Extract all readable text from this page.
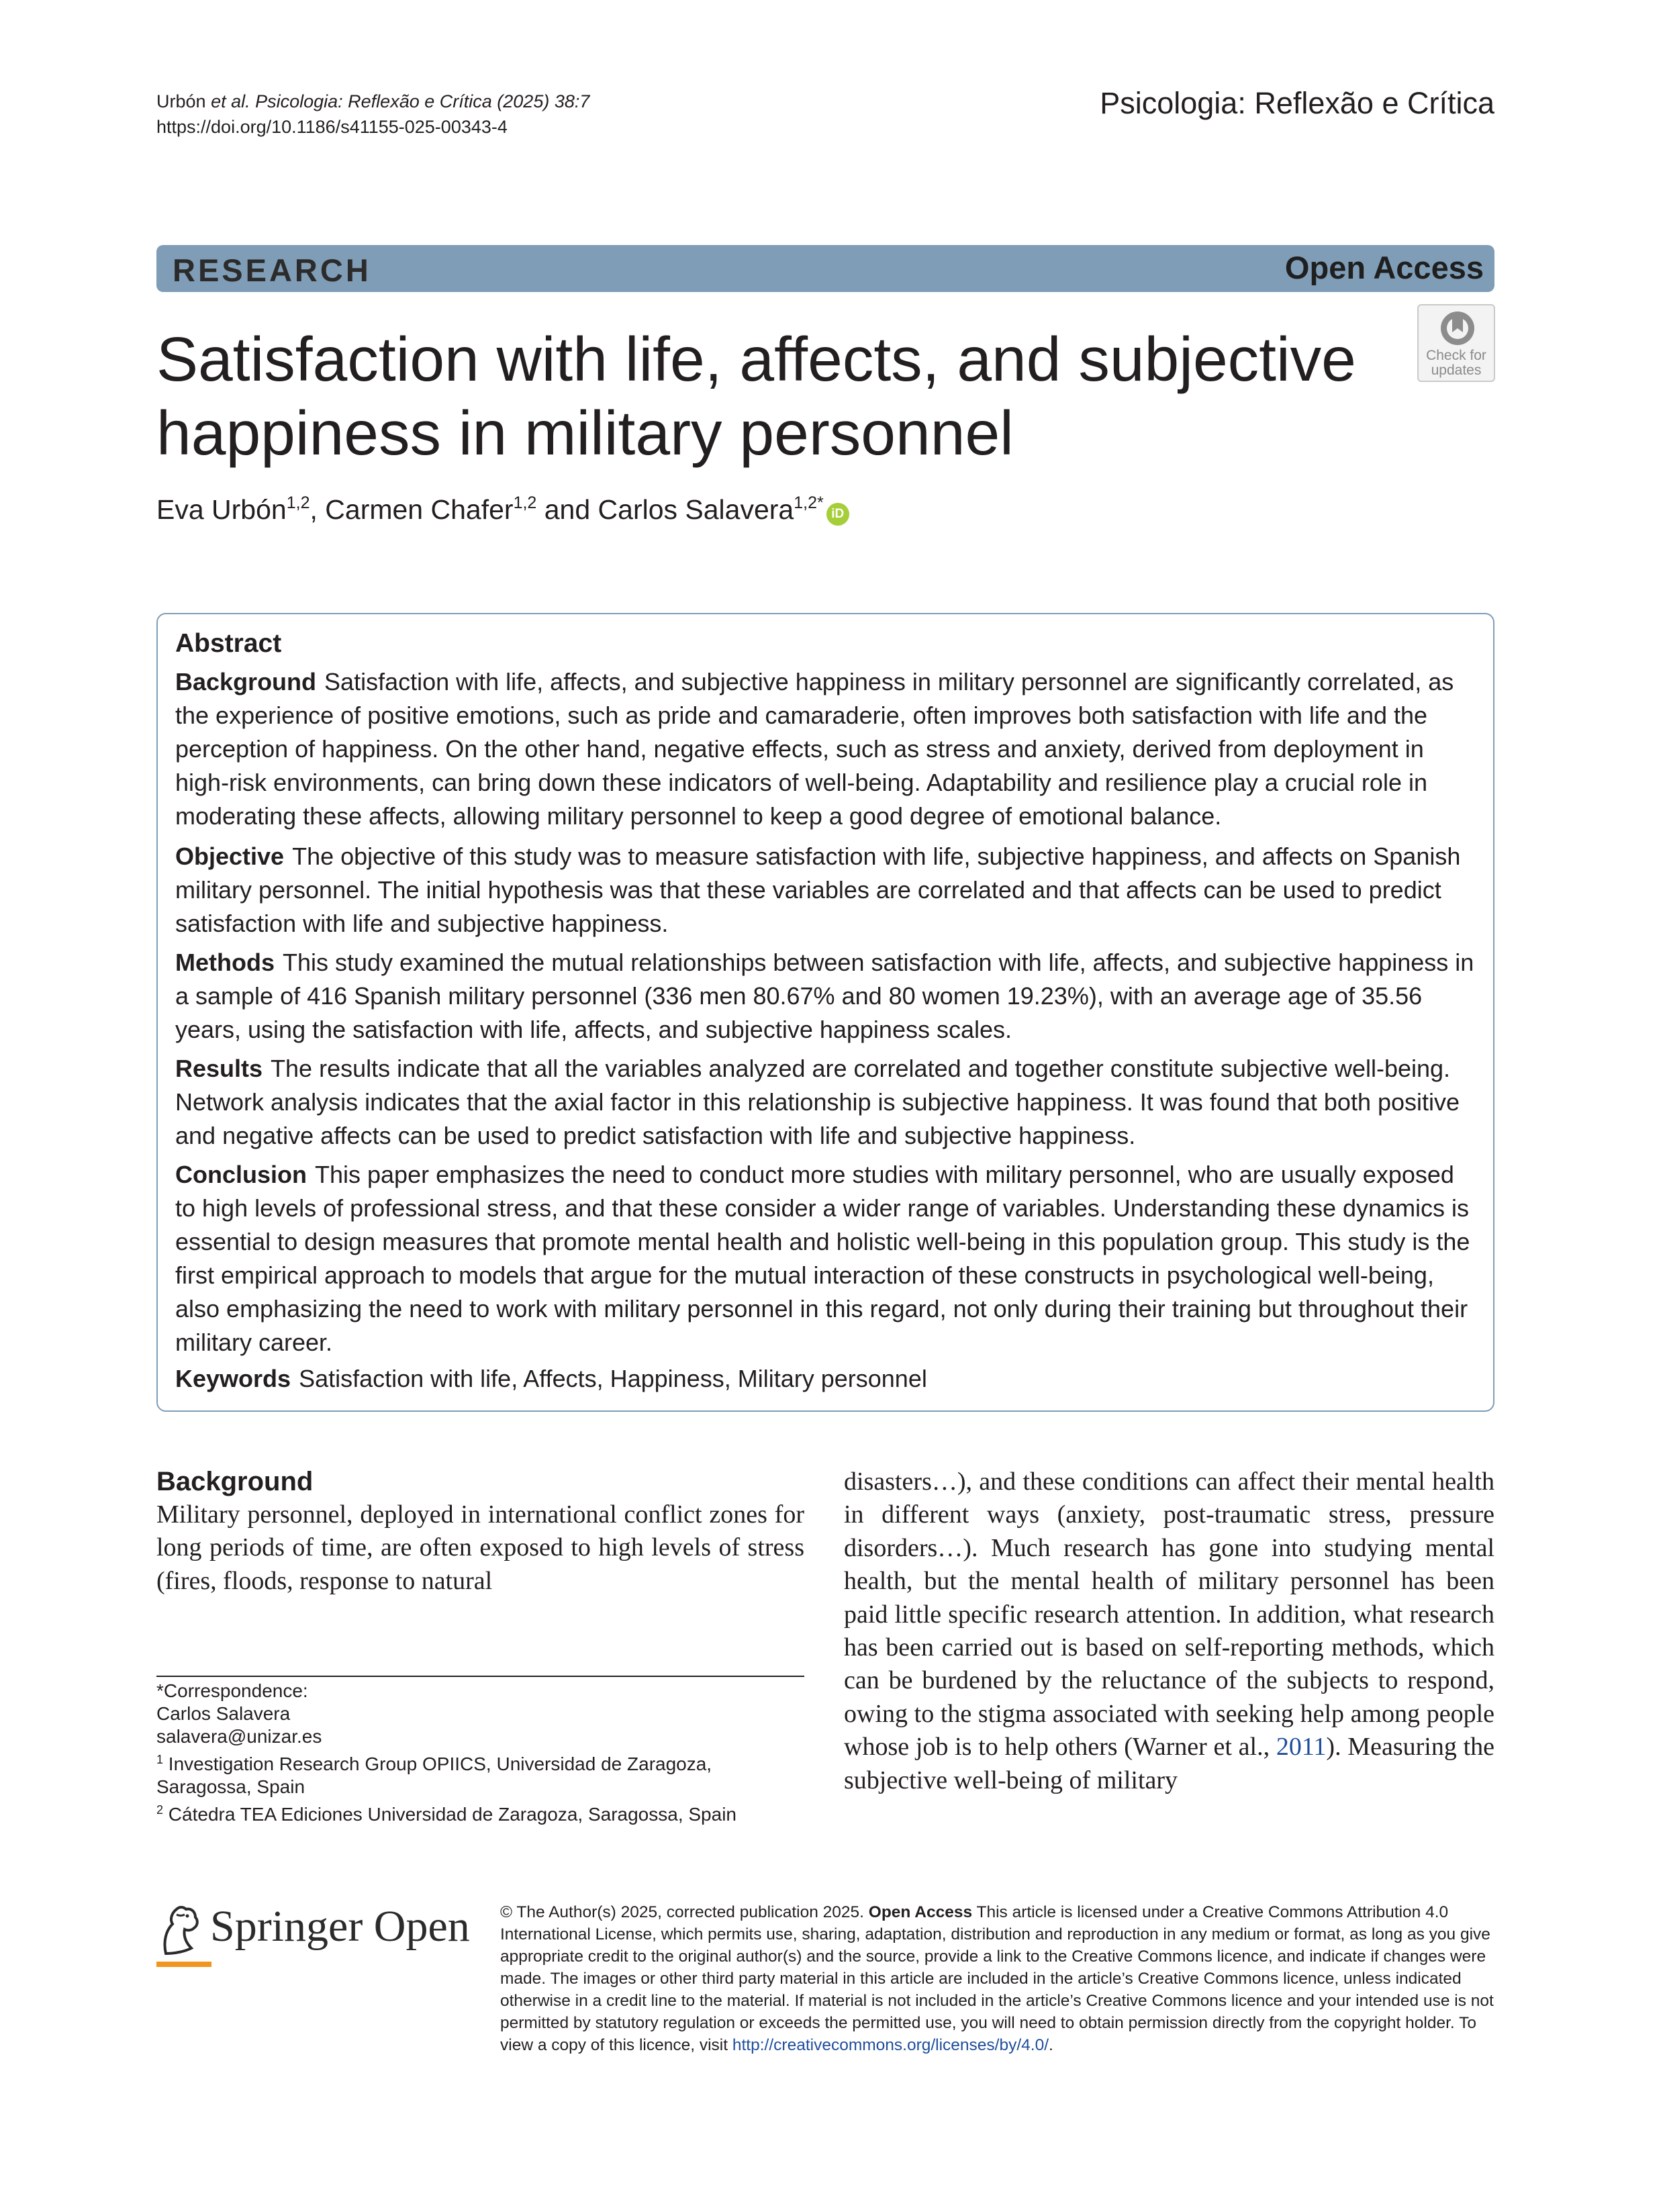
Urbón et al. Psicologia: Reflexão e Crítica (2025) 38:7
https://doi.org/10.1186/s41155-025-00343-4
Psicologia: Reflexão e Crítica
RESEARCH	Open Access
Satisfaction with life, affects, and subjective happiness in military personnel
Check for
updates
Eva Urbón$^{1,2}$, Carmen Chafer$^{1,2}$ and Carlos Salavera$^{1,2*}$iD
Abstract
Background Satisfaction with life, affects, and subjective happiness in military personnel are significantly correlated, as the experience of positive emotions, such as pride and camaraderie, often improves both satisfaction with life and the perception of happiness. On the other hand, negative effects, such as stress and anxiety, derived from deployment in high-risk environments, can bring down these indicators of well-being. Adaptability and resilience play a crucial role in moderating these affects, allowing military personnel to keep a good degree of emotional balance.
Objective The objective of this study was to measure satisfaction with life, subjective happiness, and affects on Spanish military personnel. The initial hypothesis was that these variables are correlated and that affects can be used to predict satisfaction with life and subjective happiness.
Methods This study examined the mutual relationships between satisfaction with life, affects, and subjective happiness in a sample of 416 Spanish military personnel (336 men 80.67% and 80 women 19.23%), with an average age of 35.56 years, using the satisfaction with life, affects, and subjective happiness scales.
Results The results indicate that all the variables analyzed are correlated and together constitute subjective well-being. Network analysis indicates that the axial factor in this relationship is subjective happiness. It was found that both positive and negative affects can be used to predict satisfaction with life and subjective happiness.
Conclusion This paper emphasizes the need to conduct more studies with military personnel, who are usually exposed to high levels of professional stress, and that these consider a wider range of variables. Understanding these dynamics is essential to design measures that promote mental health and holistic well-being in this population group. This study is the first empirical approach to models that argue for the mutual interaction of these constructs in psychological well-being, also emphasizing the need to work with military personnel in this regard, not only during their training but throughout their military career.
Keywords Satisfaction with life, Affects, Happiness, Military personnel
Background
Military personnel, deployed in international conflict zones for long periods of time, are often exposed to high levels of stress (fires, floods, response to natural
disasters…), and these conditions can affect their mental health in different ways (anxiety, post-traumatic stress, pressure disorders…). Much research has gone into studying mental health, but the mental health of military personnel has been paid little specific research attention. In addition, what research has been carried out is based on self-reporting methods, which can be burdened by the reluctance of the subjects to respond, owing to the stigma associated with seeking help among people whose job is to help others (Warner et al., 2011). Measuring the subjective well-being of military
*Correspondence:
Carlos Salavera
salavera@unizar.es
$^1$ Investigation Research Group OPIICS, Universidad de Zaragoza, Saragossa, Spain
$^2$ Cátedra TEA Ediciones Universidad de Zaragoza, Saragossa, Spain
Springer Open © The Author(s) 2025, corrected publication 2025. Open Access This article is licensed under a Creative Commons Attribution 4.0 International License, which permits use, sharing, adaptation, distribution and reproduction in any medium or format, as long as you give appropriate credit to the original author(s) and the source, provide a link to the Creative Commons licence, and indicate if changes were made. The images or other third party material in this article are included in the article’s Creative Commons licence, unless indicated otherwise in a credit line to the material. If material is not included in the article’s Creative Commons licence and your intended use is not permitted by statutory regulation or exceeds the permitted use, you will need to obtain permission directly from the copyright holder. To view a copy of this licence, visit http://creativecommons.org/licenses/by/4.0/.
